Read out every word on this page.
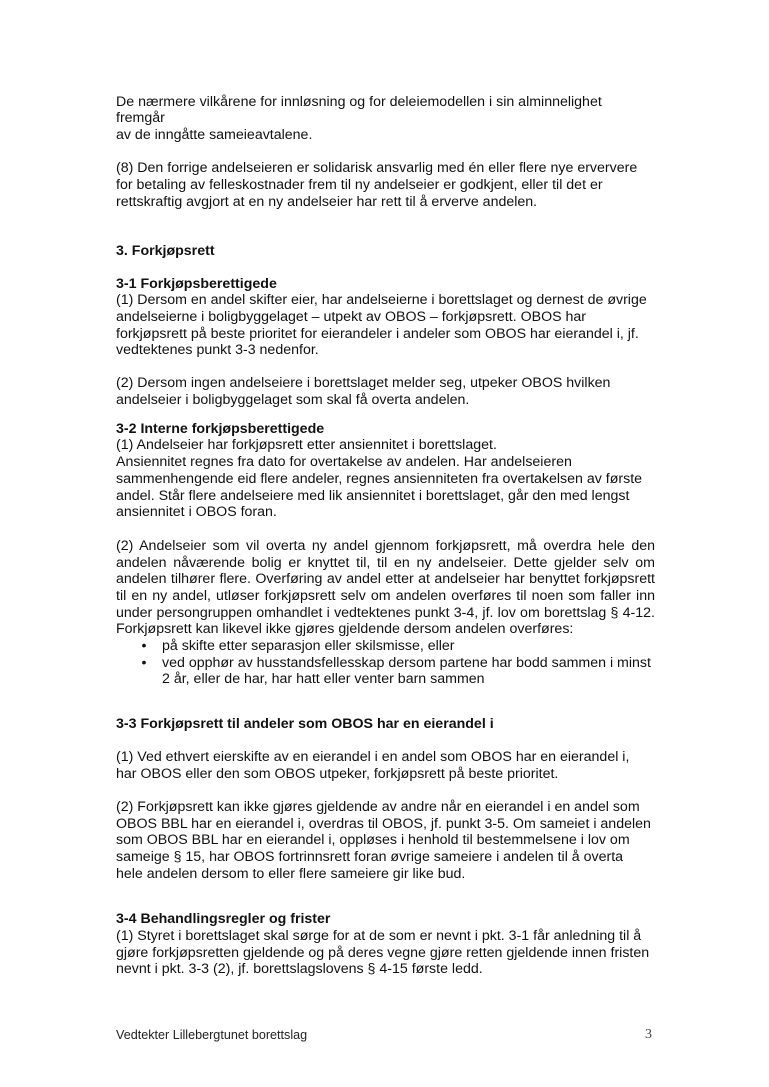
De nærmere vilkårene for innløsning og for deleiemodellen i sin alminnelighet
fremgår
av de inngåtte sameieavtalene.
(8) Den forrige andelseieren er solidarisk ansvarlig med én eller flere nye erververe
for betaling av felleskostnader frem til ny andelseier er godkjent, eller til det er
rettskraftig avgjort at en ny andelseier har rett til å erverve andelen.
3. Forkjøpsrett
3-1 Forkjøpsberettigede
(1) Dersom en andel skifter eier, har andelseierne i borettslaget og dernest de øvrige
andelseierne i boligbyggelaget – utpekt av OBOS – forkjøpsrett. OBOS har
forkjøpsrett på beste prioritet for eierandeler i andeler som OBOS har eierandel i, jf.
vedtektenes punkt 3-3 nedenfor.
(2) Dersom ingen andelseiere i borettslaget melder seg, utpeker OBOS hvilken
andelseier i boligbyggelaget som skal få overta andelen.
3-2 Interne forkjøpsberettigede
(1) Andelseier har forkjøpsrett etter ansiennitet i borettslaget.
Ansiennitet regnes fra dato for overtakelse av andelen. Har andelseieren
sammenhengende eid flere andeler, regnes ansienniteten fra overtakelsen av første
andel. Står flere andelseiere med lik ansiennitet i borettslaget, går den med lengst
ansiennitet i OBOS foran.
(2) Andelseier som vil overta ny andel gjennom forkjøpsrett, må overdra hele den
andelen nåværende bolig er knyttet til, til en ny andelseier. Dette gjelder selv om
andelen tilhører flere. Overføring av andel etter at andelseier har benyttet forkjøpsrett
til en ny andel, utløser forkjøpsrett selv om andelen overføres til noen som faller inn
under persongruppen omhandlet i vedtektenes punkt 3-4, jf. lov om borettslag § 4-12.
Forkjøpsrett kan likevel ikke gjøres gjeldende dersom andelen overføres:
• på skifte etter separasjon eller skilsmisse, eller
• ved opphør av husstandsfellesskap dersom partene har bodd sammen i minst
2 år, eller de har, har hatt eller venter barn sammen
3-3 Forkjøpsrett til andeler som OBOS har en eierandel i
(1) Ved ethvert eierskifte av en eierandel i en andel som OBOS har en eierandel i,
har OBOS eller den som OBOS utpeker, forkjøpsrett på beste prioritet.
(2) Forkjøpsrett kan ikke gjøres gjeldende av andre når en eierandel i en andel som
OBOS BBL har en eierandel i, overdras til OBOS, jf. punkt 3-5. Om sameiet i andelen
som OBOS BBL har en eierandel i, oppløses i henhold til bestemmelsene i lov om
sameige § 15, har OBOS fortrinnsrett foran øvrige sameiere i andelen til å overta
hele andelen dersom to eller flere sameiere gir like bud.
3-4 Behandlingsregler og frister
(1) Styret i borettslaget skal sørge for at de som er nevnt i pkt. 3-1 får anledning til å
gjøre forkjøpsretten gjeldende og på deres vegne gjøre retten gjeldende innen fristen
nevnt i pkt. 3-3 (2), jf. borettslagslovens § 4-15 første ledd.
Vedtekter Lillebergtunet borettslag	3
